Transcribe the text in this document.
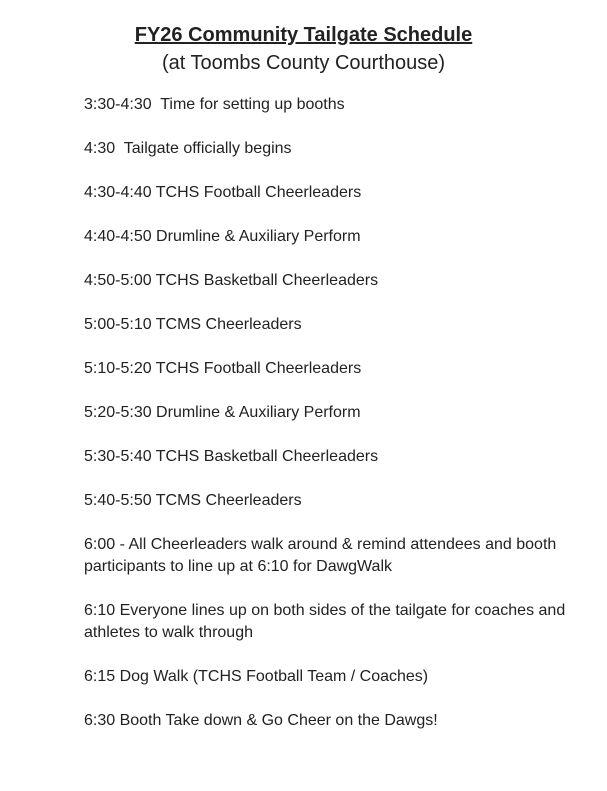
FY26 Community Tailgate Schedule
(at Toombs County Courthouse)
3:30-4:30  Time for setting up booths
4:30  Tailgate officially begins
4:30-4:40 TCHS Football Cheerleaders
4:40-4:50 Drumline & Auxiliary Perform
4:50-5:00 TCHS Basketball Cheerleaders
5:00-5:10 TCMS Cheerleaders
5:10-5:20 TCHS Football Cheerleaders
5:20-5:30 Drumline & Auxiliary Perform
5:30-5:40 TCHS Basketball Cheerleaders
5:40-5:50 TCMS Cheerleaders
6:00 - All Cheerleaders walk around & remind attendees and booth participants to line up at 6:10 for DawgWalk
6:10 Everyone lines up on both sides of the tailgate for coaches and athletes to walk through
6:15 Dog Walk (TCHS Football Team / Coaches)
6:30 Booth Take down & Go Cheer on the Dawgs!
